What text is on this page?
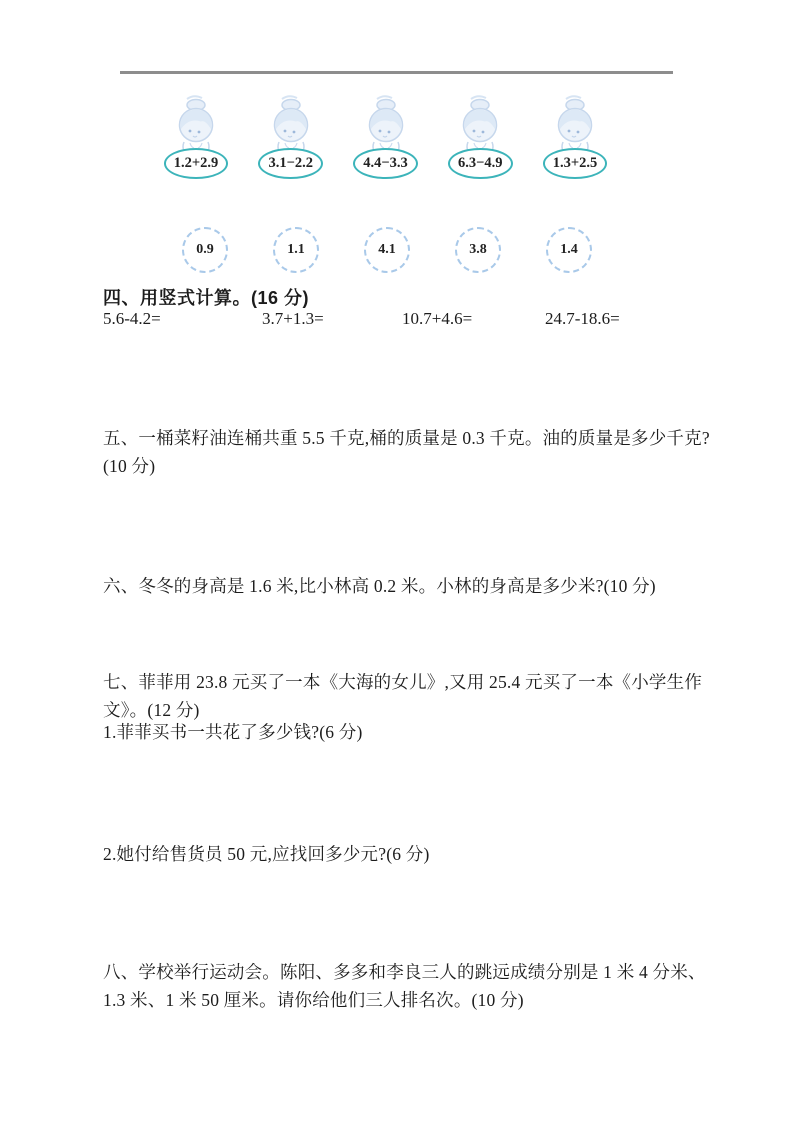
1.2+2.9	3.1−2.2	4.4−3.3	6.3−4.9	1.3+2.5
0.9	1.1	4.1	3.8	1.4
四、用竖式计算。(16 分)
5.6-4.2=	3.7+1.3=	10.7+4.6=	24.7-18.6=
五、一桶菜籽油连桶共重 5.5 千克,桶的质量是 0.3 千克。油的质量是多少千克?(10 分)
六、冬冬的身高是 1.6 米,比小林高 0.2 米。小林的身高是多少米?(10 分)
七、菲菲用 23.8 元买了一本《大海的女儿》,又用 25.4 元买了一本《小学生作文》。(12 分)
1.菲菲买书一共花了多少钱?(6 分)
2.她付给售货员 50 元,应找回多少元?(6 分)
八、学校举行运动会。陈阳、多多和李良三人的跳远成绩分别是 1 米 4 分米、1.3 米、1 米 50 厘米。请你给他们三人排名次。(10 分)
